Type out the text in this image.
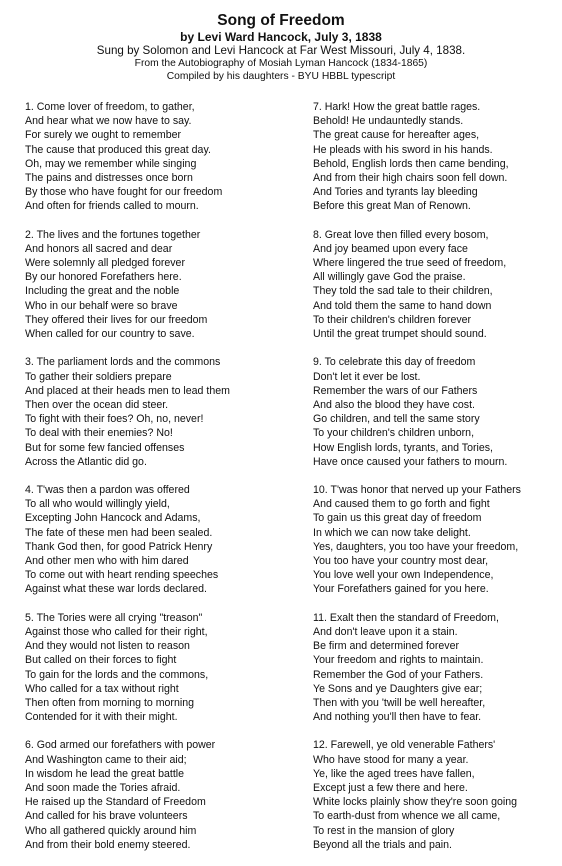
Song of Freedom
by Levi Ward Hancock, July 3, 1838
Sung by Solomon and Levi Hancock at Far West Missouri, July 4, 1838.
From the Autobiography of Mosiah Lyman Hancock (1834-1865)
Compiled by his daughters - BYU HBBL typescript
1. Come lover of freedom, to gather,
And hear what we now have to say.
For surely we ought to remember
The cause that produced this great day.
Oh, may we remember while singing
The pains and distresses once born
By those who have fought for our freedom
And often for friends called to mourn.
2. The lives and the fortunes together
And honors all sacred and dear
Were solemnly all pledged forever
By our honored Forefathers here.
Including the great and the noble
Who in our behalf were so brave
They offered their lives for our freedom
When called for our country to save.
3. The parliament lords and the commons
To gather their soldiers prepare
And placed at their heads men to lead them
Then over the ocean did steer.
To fight with their foes? Oh, no, never!
To deal with their enemies? No!
But for some few fancied offenses
Across the Atlantic did go.
4. T'was then a pardon was offered
To all who would willingly yield,
Excepting John Hancock and Adams,
The fate of these men had been sealed.
Thank God then, for good Patrick Henry
And other men who with him dared
To come out with heart rending speeches
Against what these war lords declared.
5. The Tories were all crying "treason"
Against those who called for their right,
And they would not listen to reason
But called on their forces to fight
To gain for the lords and the commons,
Who called for a tax without right
Then often from morning to morning
Contended for it with their might.
6. God armed our forefathers with power
And Washington came to their aid;
In wisdom he lead the great battle
And soon made the Tories afraid.
He raised up the Standard of Freedom
And called for his brave volunteers
Who all gathered quickly around him
And from their bold enemy steered.
7. Hark! How the great battle rages.
Behold! He undauntedly stands.
The great cause for hereafter ages,
He pleads with his sword in his hands.
Behold, English lords then came bending,
And from their high chairs soon fell down.
And Tories and tyrants lay bleeding
Before this great Man of Renown.
8. Great love then filled every bosom,
And joy beamed upon every face
Where lingered the true seed of freedom,
All willingly gave God the praise.
They told the sad tale to their children,
And told them the same to hand down
To their children's children forever
Until the great trumpet should sound.
9. To celebrate this day of freedom
Don't let it ever be lost.
Remember the wars of our Fathers
And also the blood they have cost.
Go children, and tell the same story
To your children's children unborn,
How English lords, tyrants, and Tories,
Have once caused your fathers to mourn.
10. T'was honor that nerved up your Fathers
And caused them to go forth and fight
To gain us this great day of freedom
In which we can now take delight.
Yes, daughters, you too have your freedom,
You too have your country most dear,
You love well your own Independence,
Your Forefathers gained for you here.
11. Exalt then the standard of Freedom,
And don't leave upon it a stain.
Be firm and determined forever
Your freedom and rights to maintain.
Remember the God of your Fathers.
Ye Sons and ye Daughters give ear;
Then with you 'twill be well hereafter,
And nothing you'll then have to fear.
12. Farewell, ye old venerable Fathers'
Who have stood for many a year.
Ye, like the aged trees have fallen,
Except just a few there and here.
White locks plainly show they're soon going
To earth-dust from whence we all came,
To rest in the mansion of glory
Beyond all the trials and pain.
